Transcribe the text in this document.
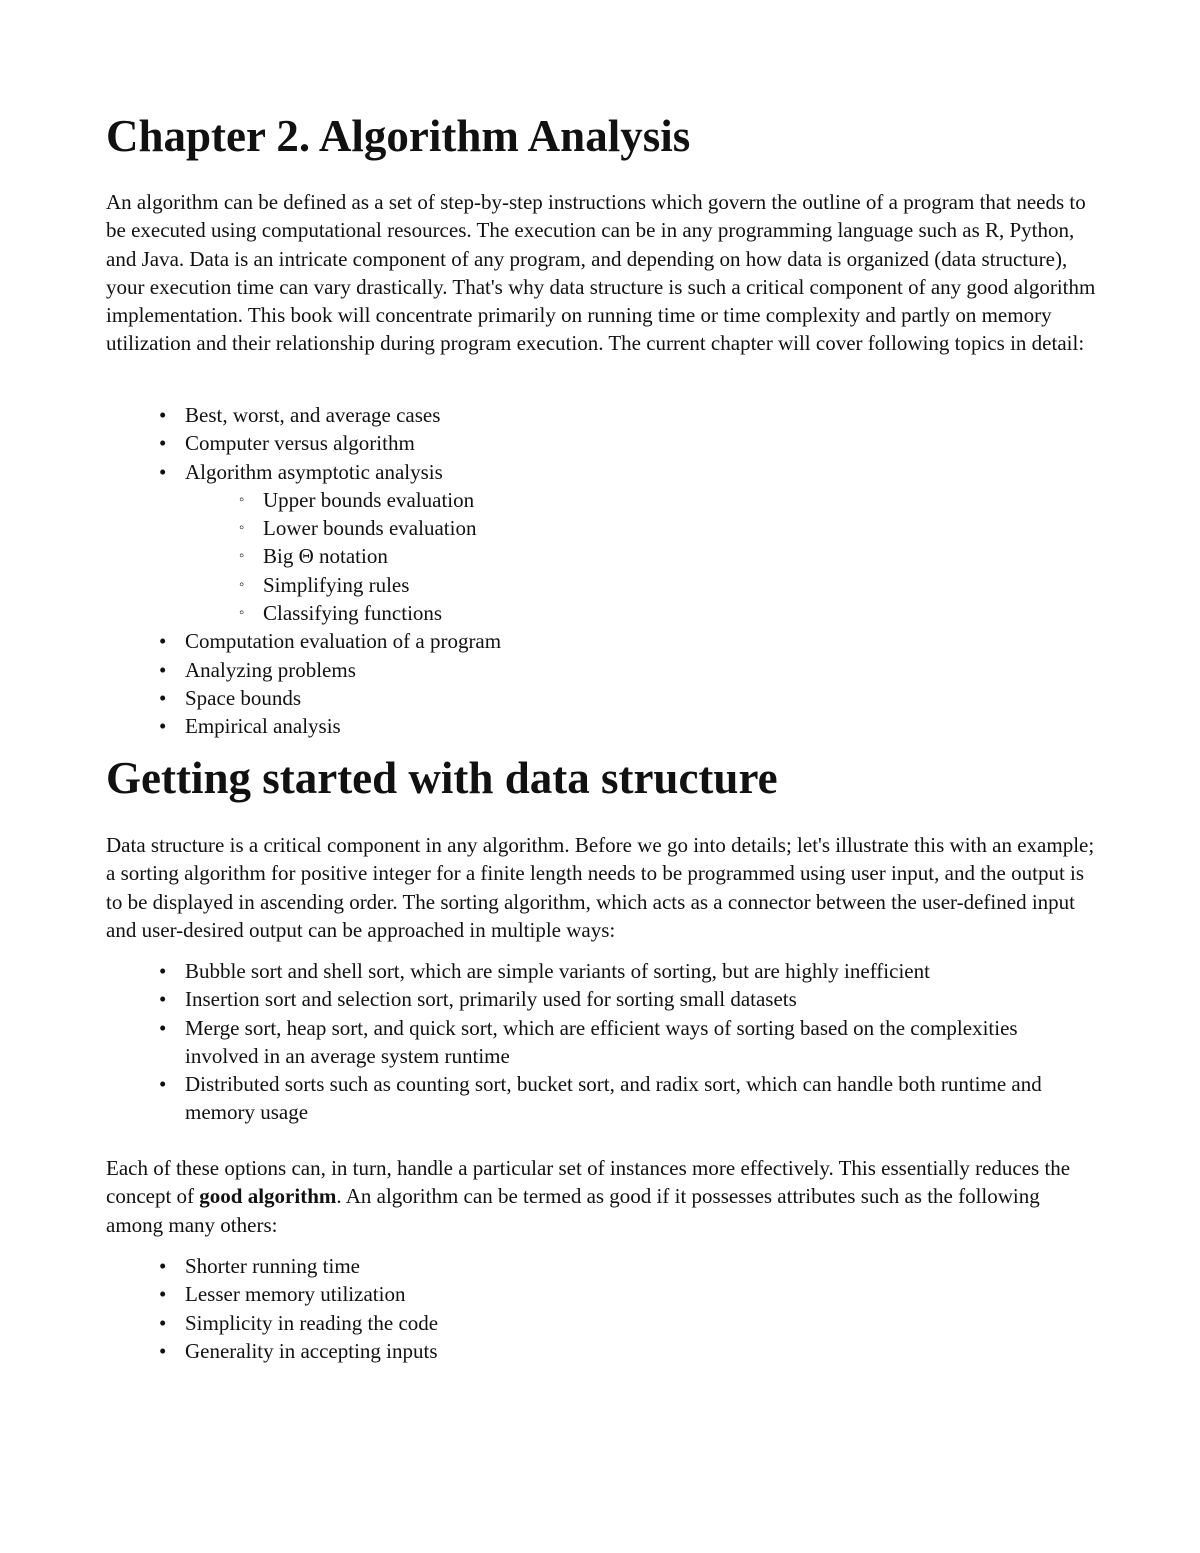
Chapter 2. Algorithm Analysis

An algorithm can be defined as a set of step-by-step instructions which govern the outline of a program that needs to be executed using computational resources. The execution can be in any programming language such as R, Python, and Java. Data is an intricate component of any program, and depending on how data is organized (data structure), your execution time can vary drastically. That's why data structure is such a critical component of any good algorithm implementation. This book will concentrate primarily on running time or time complexity and partly on memory utilization and their relationship during program execution. The current chapter will cover following topics in detail:

• Best, worst, and average cases
• Computer versus algorithm
• Algorithm asymptotic analysis
◦ Upper bounds evaluation
◦ Lower bounds evaluation
◦ Big Θ notation
◦ Simplifying rules
◦ Classifying functions
• Computation evaluation of a program
• Analyzing problems
• Space bounds
• Empirical analysis
Getting started with data structure

Data structure is a critical component in any algorithm. Before we go into details; let's illustrate this with an example; a sorting algorithm for positive integer for a finite length needs to be programmed using user input, and the output is to be displayed in ascending order. The sorting algorithm, which acts as a connector between the user-defined input and user-desired output can be approached in multiple ways:

• Bubble sort and shell sort, which are simple variants of sorting, but are highly inefficient
• Insertion sort and selection sort, primarily used for sorting small datasets
• Merge sort, heap sort, and quick sort, which are efficient ways of sorting based on the complexities involved in an average system runtime
• Distributed sorts such as counting sort, bucket sort, and radix sort, which can handle both runtime and memory usage

Each of these options can, in turn, handle a particular set of instances more effectively. This essentially reduces the concept of good algorithm. An algorithm can be termed as good if it possesses attributes such as the following among many others:

• Shorter running time
• Lesser memory utilization
• Simplicity in reading the code
• Generality in accepting inputs
